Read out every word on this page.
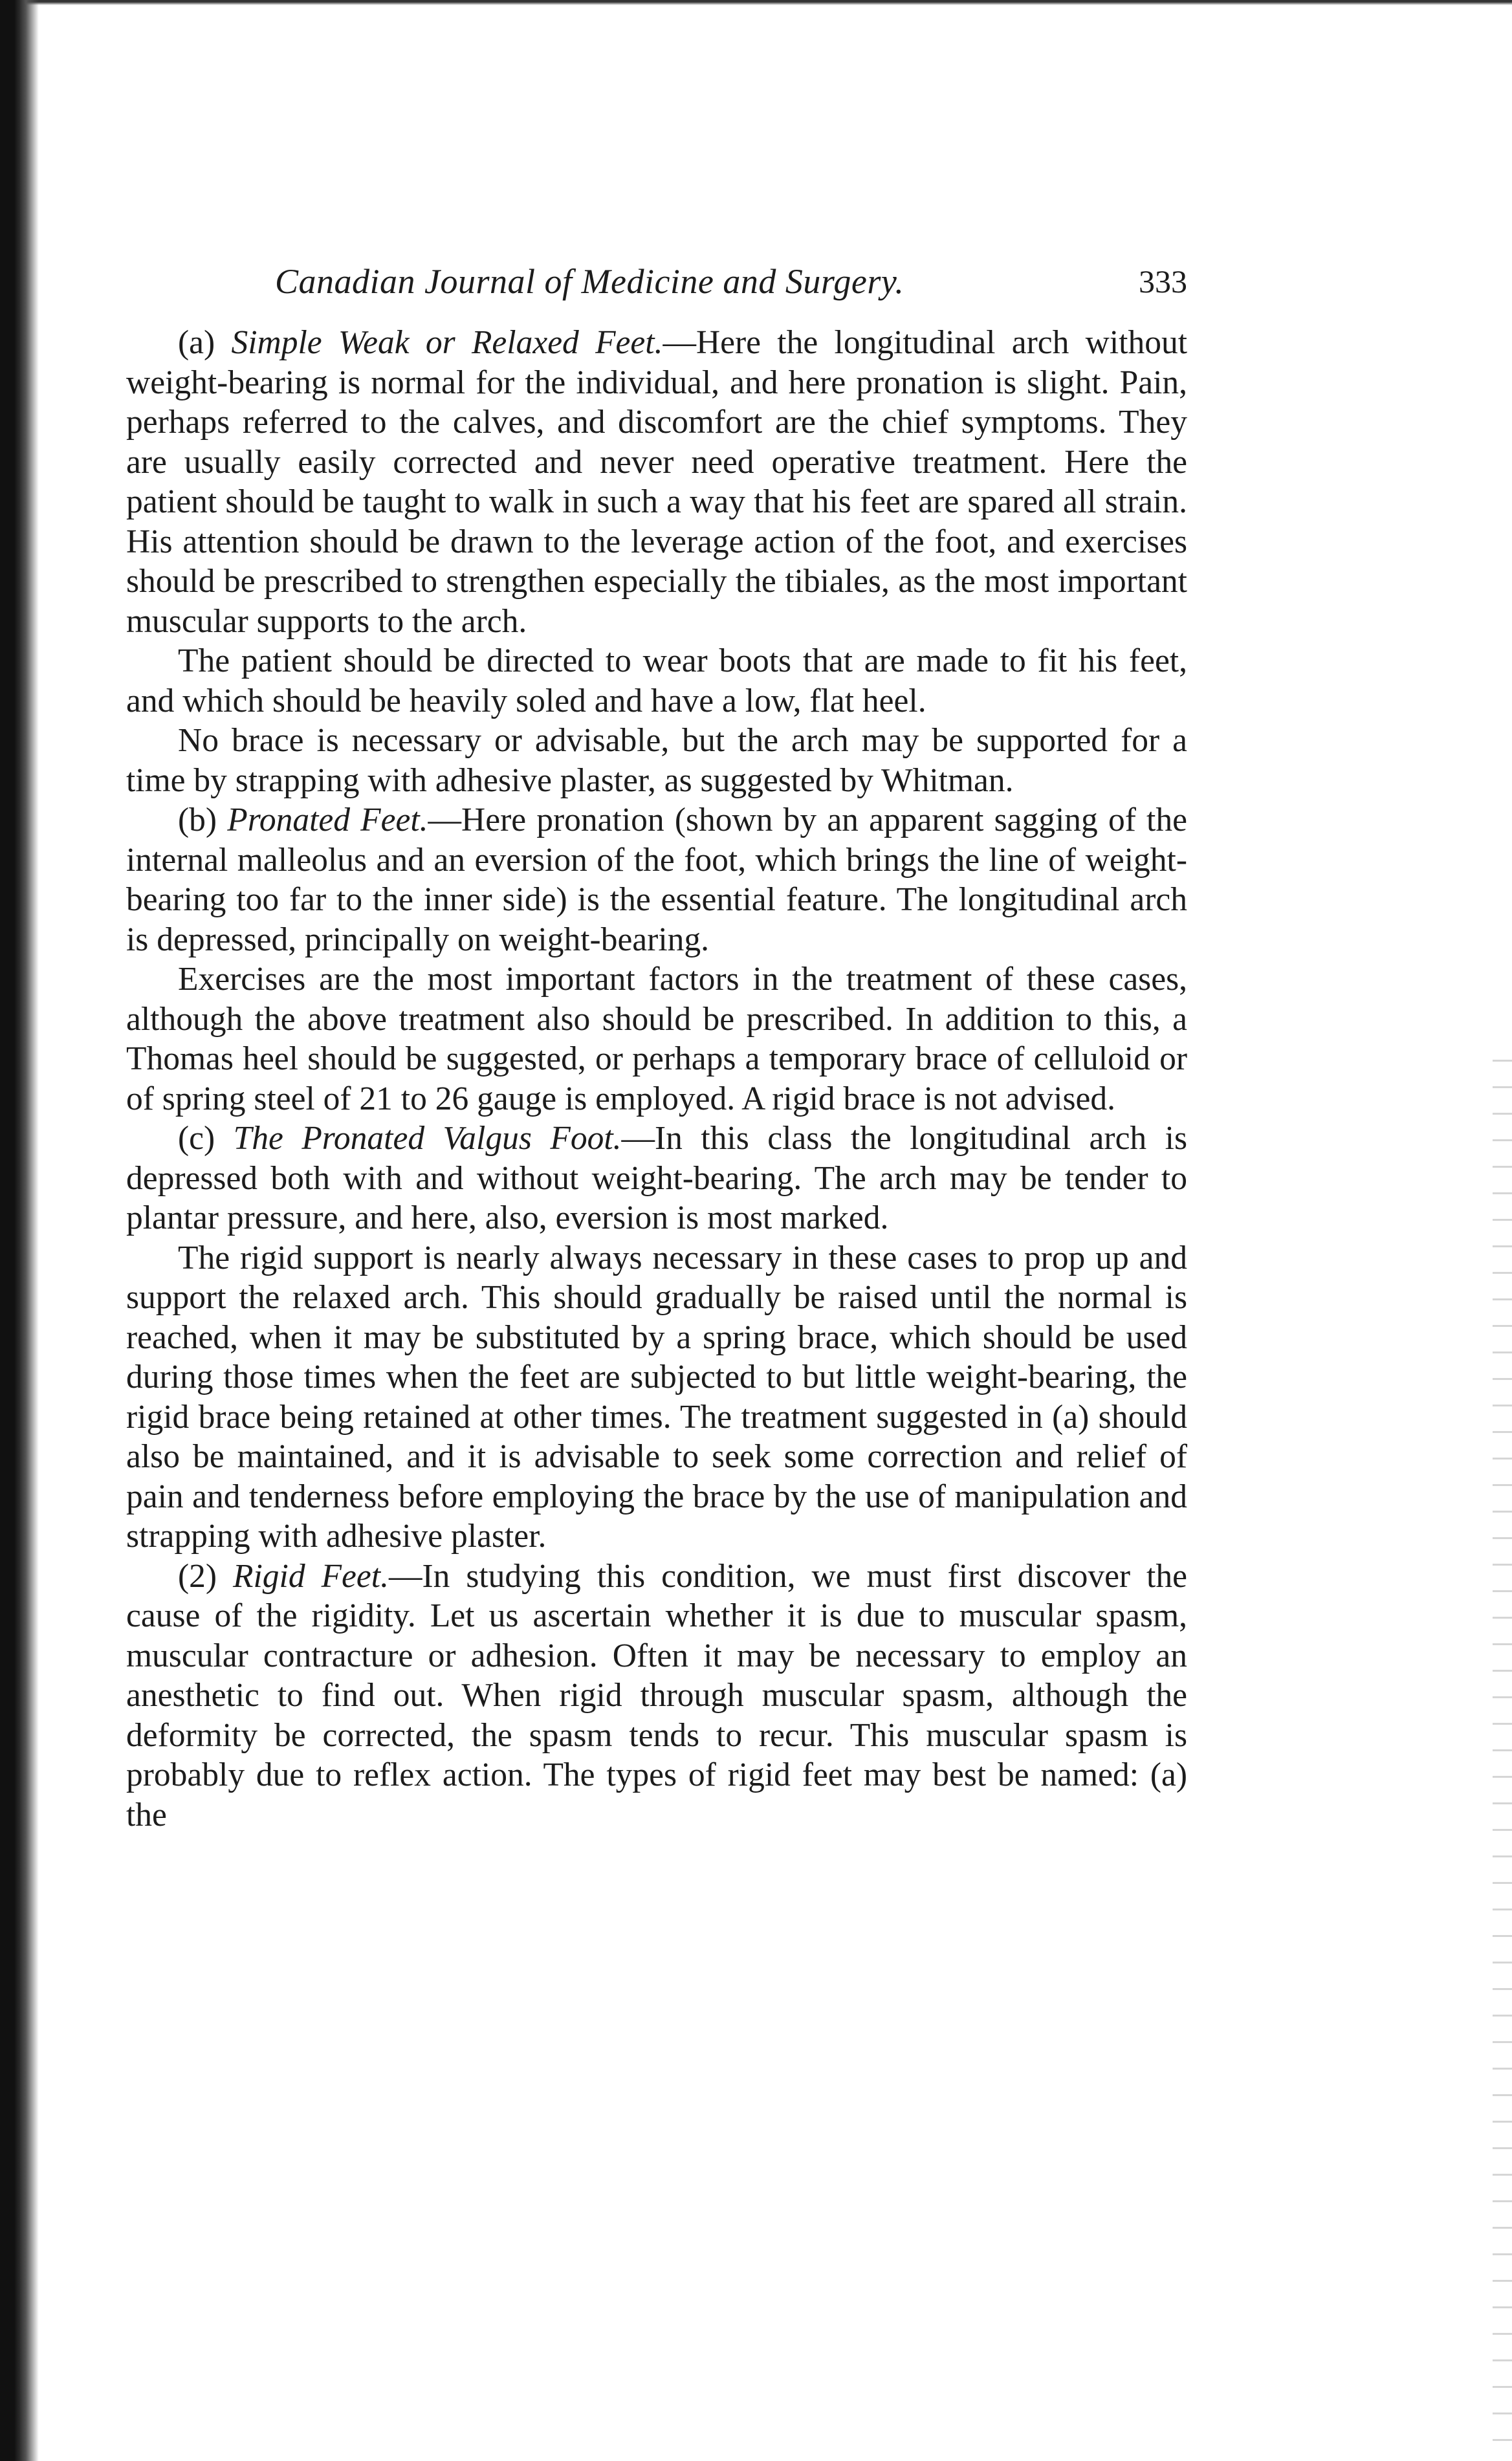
Canadian Journal of Medicine and Surgery.	333

(a) Simple Weak or Relaxed Feet.—Here the longitudinal arch without weight-bearing is normal for the individual, and here pronation is slight. Pain, perhaps referred to the calves, and discomfort are the chief symptoms. They are usually easily corrected and never need operative treatment. Here the patient should be taught to walk in such a way that his feet are spared all strain. His attention should be drawn to the leverage action of the foot, and exercises should be prescribed to strengthen especially the tibiales, as the most important muscular supports to the arch.

The patient should be directed to wear boots that are made to fit his feet, and which should be heavily soled and have a low, flat heel.

No brace is necessary or advisable, but the arch may be supported for a time by strapping with adhesive plaster, as suggested by Whitman.

(b) Pronated Feet.—Here pronation (shown by an apparent sagging of the internal malleolus and an eversion of the foot, which brings the line of weight-bearing too far to the inner side) is the essential feature. The longitudinal arch is depressed, principally on weight-bearing.

Exercises are the most important factors in the treatment of these cases, although the above treatment also should be prescribed. In addition to this, a Thomas heel should be suggested, or perhaps a temporary brace of celluloid or of spring steel of 21 to 26 gauge is employed. A rigid brace is not advised.

(c) The Pronated Valgus Foot.—In this class the longitudinal arch is depressed both with and without weight-bearing. The arch may be tender to plantar pressure, and here, also, eversion is most marked.

The rigid support is nearly always necessary in these cases to prop up and support the relaxed arch. This should gradually be raised until the normal is reached, when it may be substituted by a spring brace, which should be used during those times when the feet are subjected to but little weight-bearing, the rigid brace being retained at other times. The treatment suggested in (a) should also be maintained, and it is advisable to seek some correction and relief of pain and tenderness before employing the brace by the use of manipulation and strapping with adhesive plaster.

(2) Rigid Feet.—In studying this condition, we must first discover the cause of the rigidity. Let us ascertain whether it is due to muscular spasm, muscular contracture or adhesion. Often it may be necessary to employ an anesthetic to find out. When rigid through muscular spasm, although the deformity be corrected, the spasm tends to recur. This muscular spasm is probably due to reflex action. The types of rigid feet may best be named: (a) the
